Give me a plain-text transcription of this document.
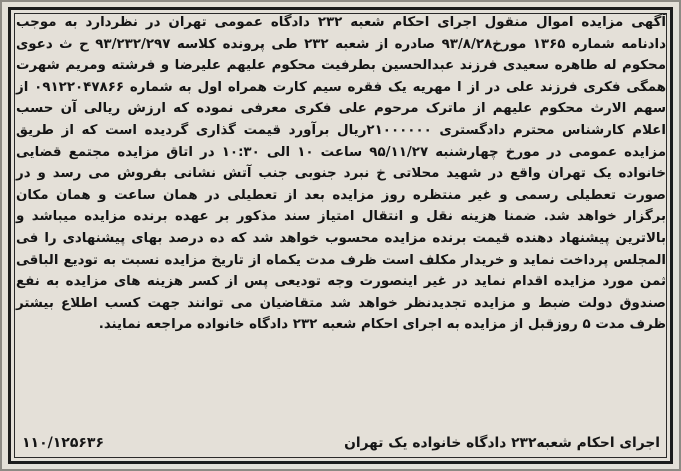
آگهی مزایده اموال منقول اجرای احکام شعبه ۲۳۲ دادگاه عمومی تهران در نظردارد به موجب دادنامه شماره ۱۳۶۵ مورخ۹۳/۸/۲۸ صادره از شعبه ۲۳۲ طی پرونده کلاسه ۹۳/۲۳۲/۲۹۷ ح ث دعوی محکوم له طاهره سعیدی فرزند عبدالحسین بطرفیت محکوم علیهم علیرضا و فرشته ومریم شهرت همگی فکری فرزند علی در از ا مهریه یک فقره سیم کارت همراه اول به شماره ۰۹۱۲۲۰۴۷۸۶۶ از سهم الارث محکوم علیهم از ماترک مرحوم علی فکری معرفی نموده که ارزش ریالی آن حسب اعلام کارشناس محترم دادگستری ۲۱۰۰۰۰۰۰ریال برآورد قیمت گذاری گردیده است که از طریق مزایده عمومی در مورخ چهارشنبه ۹۵/۱۱/۲۷ ساعت ۱۰ الی ۱۰:۳۰ در اتاق مزایده مجتمع قضایی خانواده یک تهران واقع در شهید محلاتی خ نبرد جنوبی جنب آتش نشانی بفروش می رسد و در صورت تعطیلی رسمی و غیر منتظره روز مزایده بعد از تعطیلی در همان ساعت و همان مکان برگزار خواهد شد. ضمنا هزینه نقل و انتقال امتیاز سند مذکور بر عهده برنده مزایده میباشد و بالاترین پیشنهاد دهنده قیمت برنده مزایده محسوب خواهد شد که ده درصد بهای پیشنهادی را فی المجلس پرداخت نماید و خریدار مکلف است ظرف مدت یکماه از تاریخ مزایده نسبت به تودیع الباقی ثمن مورد مزایده اقدام نماید در غیر اینصورت وجه تودیعی پس از کسر هزینه های مزایده به نفع صندوق دولت ضبط و مزایده تجدیدنظر خواهد شد متقاضیان می توانند جهت کسب اطلاع بیشتر ظرف مدت ۵ روزقبل از مزایده به اجرای احکام شعبه ۲۳۲ دادگاه خانواده مراجعه نمایند.

اجرای احکام شعبه۲۳۲ دادگاه خانواده یک تهران
۱۱۰/۱۲۵۶۳۶
